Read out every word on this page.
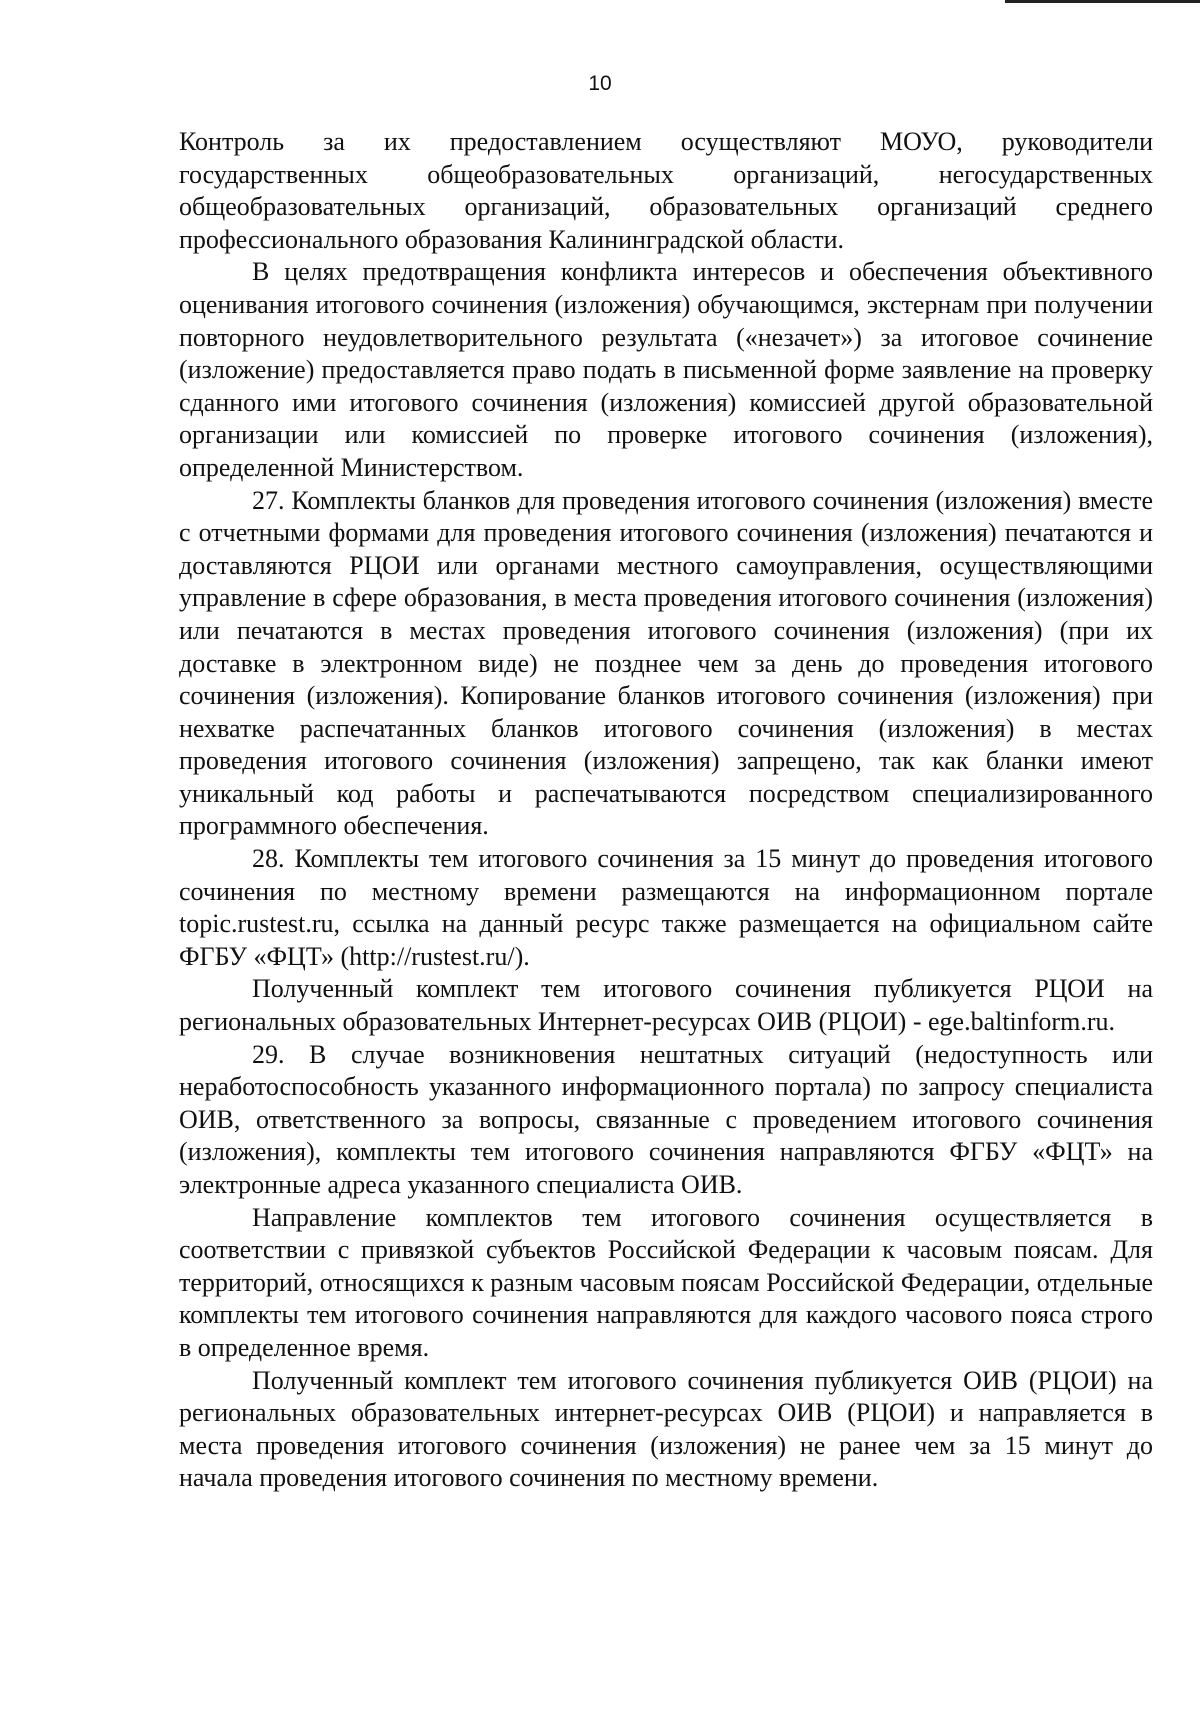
10

Контроль за их предоставлением осуществляют МОУО, руководители государственных общеобразовательных организаций, негосударственных общеобразовательных организаций, образовательных организаций среднего профессионального образования Калининградской области.

В целях предотвращения конфликта интересов и обеспечения объективного оценивания итогового сочинения (изложения) обучающимся, экстернам при получении повторного неудовлетворительного результата («незачет») за итоговое сочинение (изложение) предоставляется право подать в письменной форме заявление на проверку сданного ими итогового сочинения (изложения) комиссией другой образовательной организации или комиссией по проверке итогового сочинения (изложения), определенной Министерством.

27. Комплекты бланков для проведения итогового сочинения (изложения) вместе с отчетными формами для проведения итогового сочинения (изложения) печатаются и доставляются РЦОИ или органами местного самоуправления, осуществляющими управление в сфере образования, в места проведения итогового сочинения (изложения) или печатаются в местах проведения итогового сочинения (изложения) (при их доставке в электронном виде) не позднее чем за день до проведения итогового сочинения (изложения). Копирование бланков итогового сочинения (изложения) при нехватке распечатанных бланков итогового сочинения (изложения) в местах проведения итогового сочинения (изложения) запрещено, так как бланки имеют уникальный код работы и распечатываются посредством специализированного программного обеспечения.

28. Комплекты тем итогового сочинения за 15 минут до проведения итогового сочинения по местному времени размещаются на информационном портале topic.rustest.ru, ссылка на данный ресурс также размещается на официальном сайте ФГБУ «ФЦТ» (http://rustest.ru/).

Полученный комплект тем итогового сочинения публикуется РЦОИ на региональных образовательных Интернет-ресурсах ОИВ (РЦОИ) - ege.baltinform.ru.

29. В случае возникновения нештатных ситуаций (недоступность или неработоспособность указанного информационного портала) по запросу специалиста ОИВ, ответственного за вопросы, связанные с проведением итогового сочинения (изложения), комплекты тем итогового сочинения направляются ФГБУ «ФЦТ» на электронные адреса указанного специалиста ОИВ.

Направление комплектов тем итогового сочинения осуществляется в соответствии с привязкой субъектов Российской Федерации к часовым поясам. Для территорий, относящихся к разным часовым поясам Российской Федерации, отдельные комплекты тем итогового сочинения направляются для каждого часового пояса строго в определенное время.

Полученный комплект тем итогового сочинения публикуется ОИВ (РЦОИ) на региональных образовательных интернет-ресурсах ОИВ (РЦОИ) и направляется в места проведения итогового сочинения (изложения) не ранее чем за 15 минут до начала проведения итогового сочинения по местному времени.
